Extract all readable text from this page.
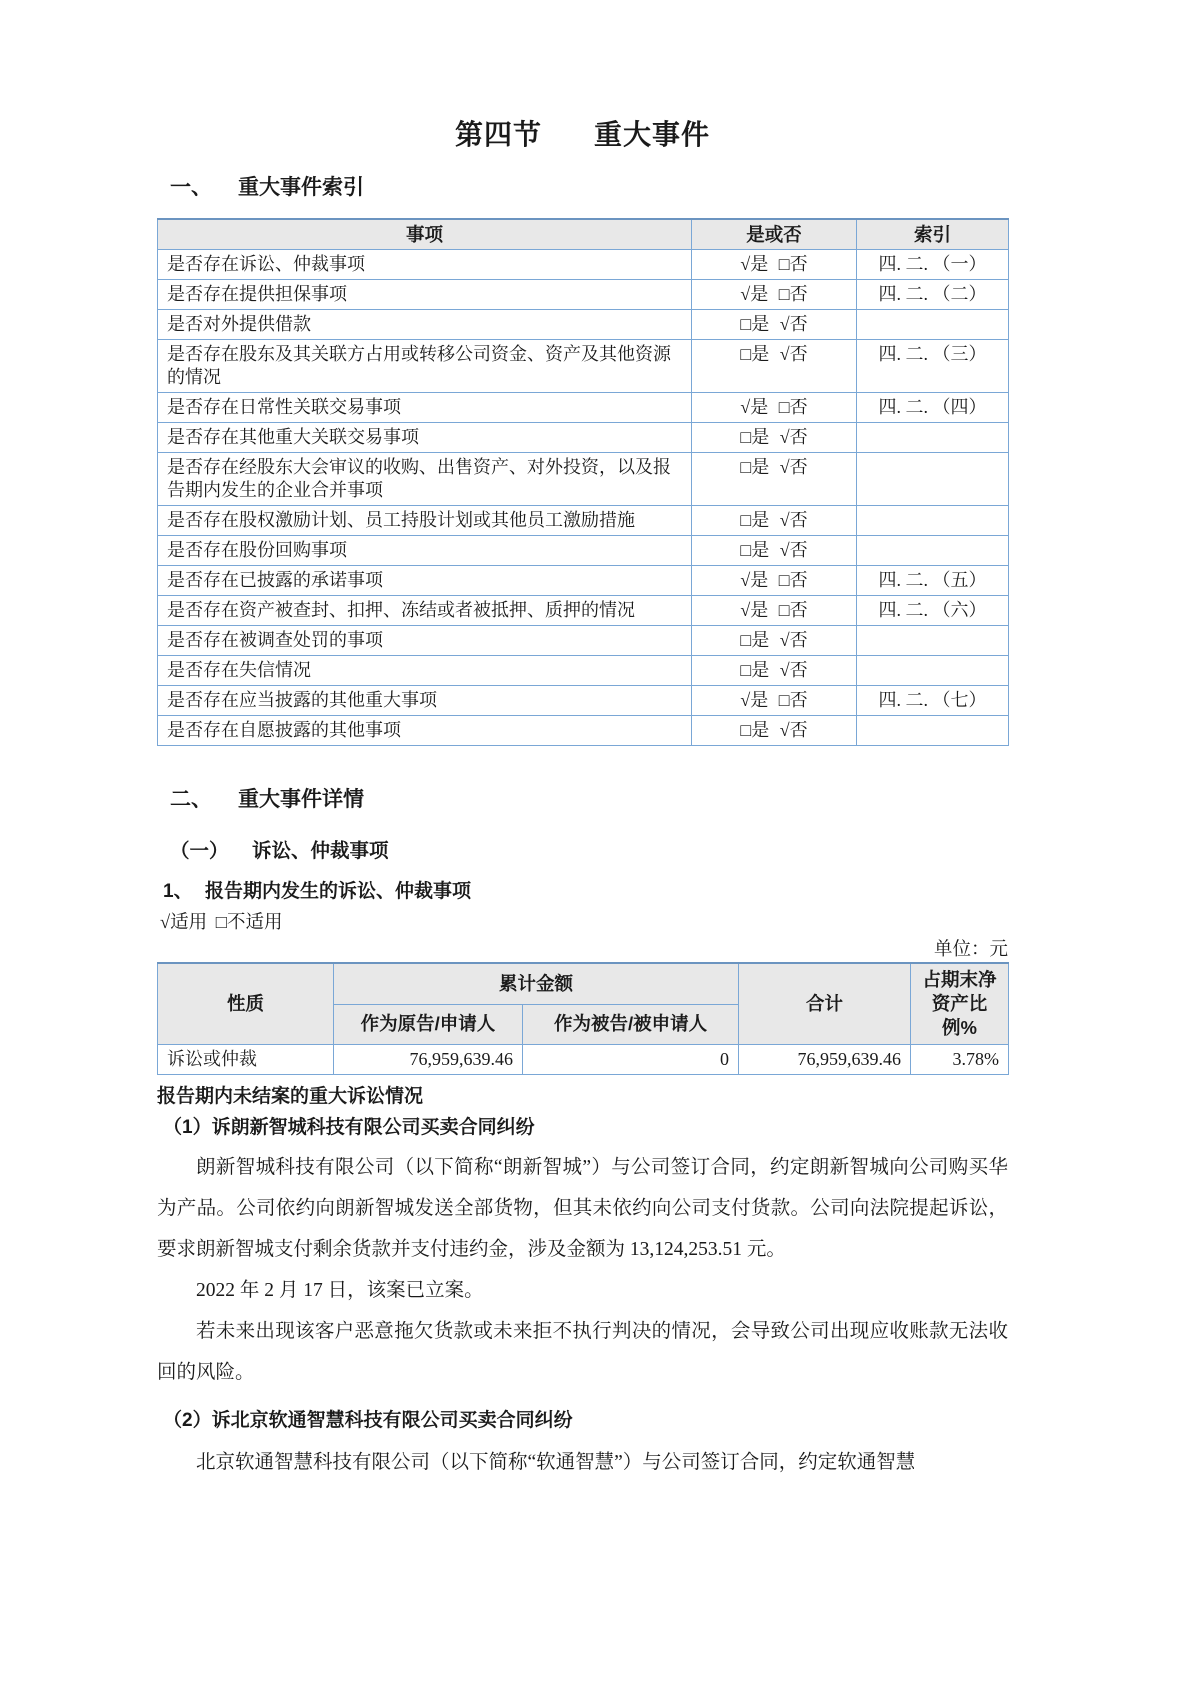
第四节 重大事件
一、 重大事件索引
事项	是或否	索引
是否存在诉讼、仲裁事项	√是 □否	四. 二. （一）
是否存在提供担保事项	√是 □否	四. 二. （二）
是否对外提供借款	□是 √否	
是否存在股东及其关联方占用或转移公司资金、资产及其他资源的情况	□是 √否	四. 二. （三）
是否存在日常性关联交易事项	√是 □否	四. 二. （四）
是否存在其他重大关联交易事项	□是 √否	
是否存在经股东大会审议的收购、出售资产、对外投资，以及报告期内发生的企业合并事项	□是 √否	
是否存在股权激励计划、员工持股计划或其他员工激励措施	□是 √否	
是否存在股份回购事项	□是 √否	
是否存在已披露的承诺事项	√是 □否	四. 二. （五）
是否存在资产被查封、扣押、冻结或者被抵押、质押的情况	√是 □否	四. 二. （六）
是否存在被调查处罚的事项	□是 √否	
是否存在失信情况	□是 √否	
是否存在应当披露的其他重大事项	√是 □否	四. 二. （七）
是否存在自愿披露的其他事项	□是 √否	
二、 重大事件详情
（一） 诉讼、仲裁事项
1、 报告期内发生的诉讼、仲裁事项
√适用 □不适用
单位：元
性质	累计金额		合计	占期末净资产比例%
	作为原告/申请人	作为被告/被申请人		
诉讼或仲裁	76,959,639.46	0	76,959,639.46	3.78%
报告期内未结案的重大诉讼情况
（1）诉朗新智城科技有限公司买卖合同纠纷

朗新智城科技有限公司（以下简称“朗新智城”）与公司签订合同，约定朗新智城向公司购买华为产品。公司依约向朗新智城发送全部货物，但其未依约向公司支付货款。公司向法院提起诉讼，要求朗新智城支付剩余货款并支付违约金，涉及金额为 13,124,253.51 元。

2022 年 2 月 17 日，该案已立案。

若未来出现该客户恶意拖欠货款或未来拒不执行判决的情况，会导致公司出现应收账款无法收回的风险。

（2）诉北京软通智慧科技有限公司买卖合同纠纷

北京软通智慧科技有限公司（以下简称“软通智慧”）与公司签订合同，约定软通智慧
